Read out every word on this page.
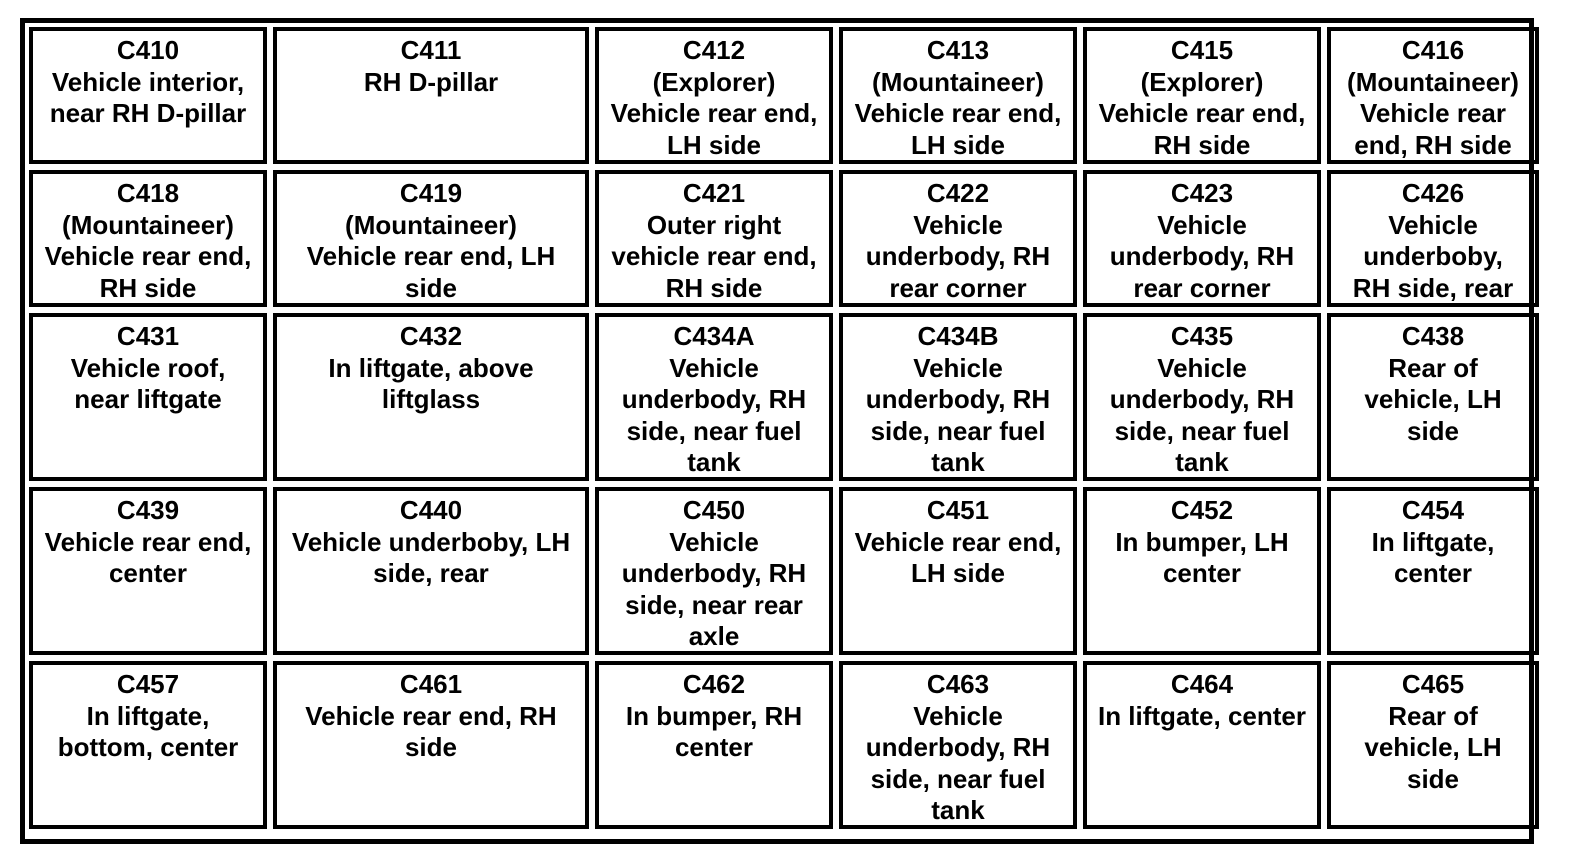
C410
Vehicle interior,
near RH D-pillar
C411
RH D-pillar
C412
(Explorer)
Vehicle rear end,
LH side
C413
(Mountaineer)
Vehicle rear end,
LH side
C415
(Explorer)
Vehicle rear end,
RH side
C416
(Mountaineer)
Vehicle rear
end, RH side
C418
(Mountaineer)
Vehicle rear end,
RH side
C419
(Mountaineer)
Vehicle rear end, LH
side
C421
Outer right
vehicle rear end,
RH side
C422
Vehicle
underbody, RH
rear corner
C423
Vehicle
underbody, RH
rear corner
C426
Vehicle
underboby,
RH side, rear
C431
Vehicle roof,
near liftgate
C432
In liftgate, above
liftglass
C434A
Vehicle
underbody, RH
side, near fuel
tank
C434B
Vehicle
underbody, RH
side, near fuel
tank
C435
Vehicle
underbody, RH
side, near fuel
tank
C438
Rear of
vehicle, LH
side
C439
Vehicle rear end,
center
C440
Vehicle underboby, LH
side, rear
C450
Vehicle
underbody, RH
side, near rear
axle
C451
Vehicle rear end,
LH side
C452
In bumper, LH
center
C454
In liftgate,
center
C457
In liftgate,
bottom, center
C461
Vehicle rear end, RH
side
C462
In bumper, RH
center
C463
Vehicle
underbody, RH
side, near fuel
tank
C464
In liftgate, center
C465
Rear of
vehicle, LH
side
